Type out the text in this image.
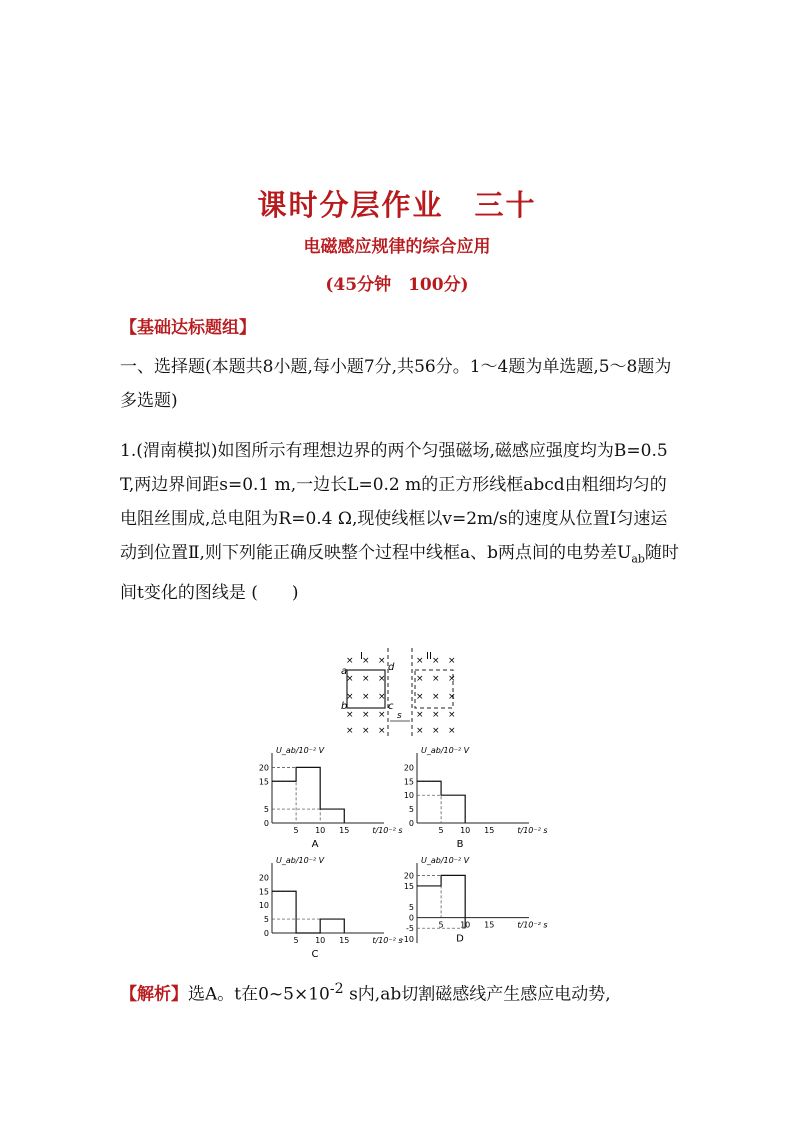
课时分层作业　三十
电磁感应规律的综合应用
(45分钟　100分)
【基础达标题组】
一、选择题(本题共8小题,每小题7分,共56分。1～4题为单选题,5～8题为多选题)
1.(渭南模拟)如图所示有理想边界的两个匀强磁场,磁感应强度均为B=0.5 T,两边界间距s=0.1 m,一边长L=0.2 m的正方形线框abcd由粗细均匀的电阻丝围成,总电阻为R=0.4 Ω,现使线框以v=2m/s的速度从位置Ⅰ匀速运动到位置Ⅱ,则下列能正确反映整个过程中线框a、b两点间的电势差$U_{ab}$随时间t变化的图线是 (　　)
I	II
a
b	c
d
s
×
×
×
×
×
×
×
×
×
×
×
×
×
×
×
×
×
×
×
×
×
×
×
×
×
×
×
×
×
×
U_ab/10⁻² V
t/10⁻² s
0
5
15
20
5 10 15
A
U_ab/10⁻² V
t/10⁻² s
0
5
10
15
20
5 10 15
B
U_ab/10⁻² V
t/10⁻² s
0
5
10
15
20
5 10 15
C
U_ab/10⁻² V
t/10⁻² s
-10
-5
0
5
15
20
5 10 15
D
【解析】选A。t在$0\sim 5\times 10^{-2}$ s内,ab切割磁感线产生感应电动势,
